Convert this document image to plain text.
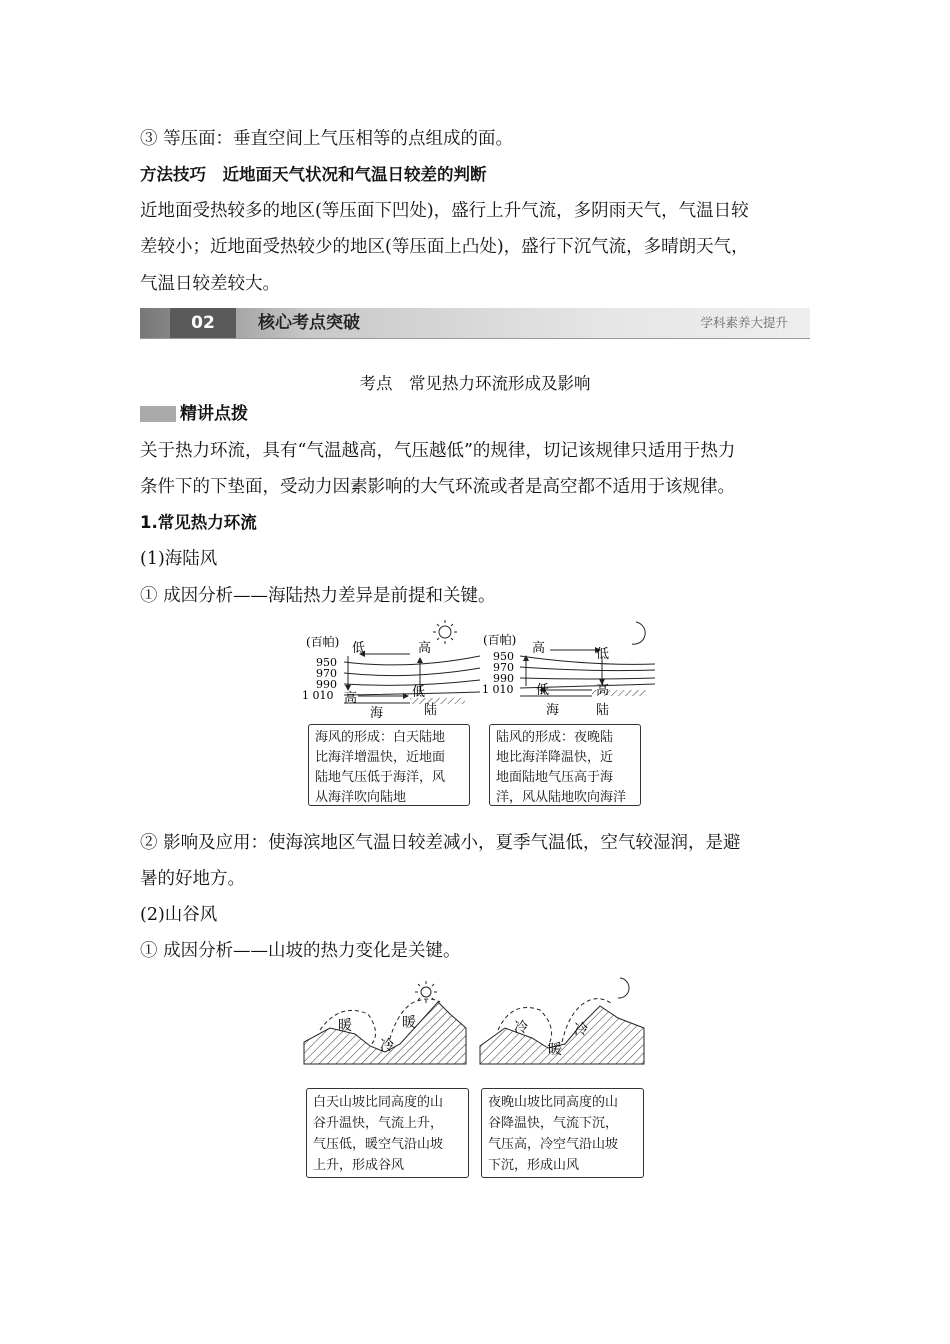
③ 等压面：垂直空间上气压相等的点组成的面。
方法技巧　近地面天气状况和气温日较差的判断
近地面受热较多的地区(等压面下凹处)，盛行上升气流，多阴雨天气，气温日较
差较小；近地面受热较少的地区(等压面上凸处)，盛行下沉气流，多晴朗天气，
气温日较差较大。
02	核心考点突破	学科素养大提升
考点　常见热力环流形成及影响
精讲点拨
关于热力环流，具有“气温越高，气压越低”的规律，切记该规律只适用于热力
条件下的下垫面，受动力因素影响的大气环流或者是高空都不适用于该规律。
1.常见热力环流
(1)海陆风
① 成因分析——海陆热力差异是前提和关键。
(百帕)
950
970
990
1 010
低	高
高	低
海	陆
(百帕)
950
970
990
1 010
高	低
低	高
海	陆
海风的形成：白天陆地
比海洋增温快，近地面
陆地气压低于海洋，风
从海洋吹向陆地
陆风的形成：夜晚陆
地比海洋降温快，近
地面陆地气压高于海
洋，风从陆地吹向海洋
② 影响及应用：使海滨地区气温日较差减小，夏季气温低，空气较湿润，是避
暑的好地方。
(2)山谷风
① 成因分析——山坡的热力变化是关键。
暖	暖
冷
冷	冷
暖
白天山坡比同高度的山
谷升温快，气流上升，
气压低，暖空气沿山坡
上升，形成谷风
夜晚山坡比同高度的山
谷降温快，气流下沉，
气压高，冷空气沿山坡
下沉，形成山风
